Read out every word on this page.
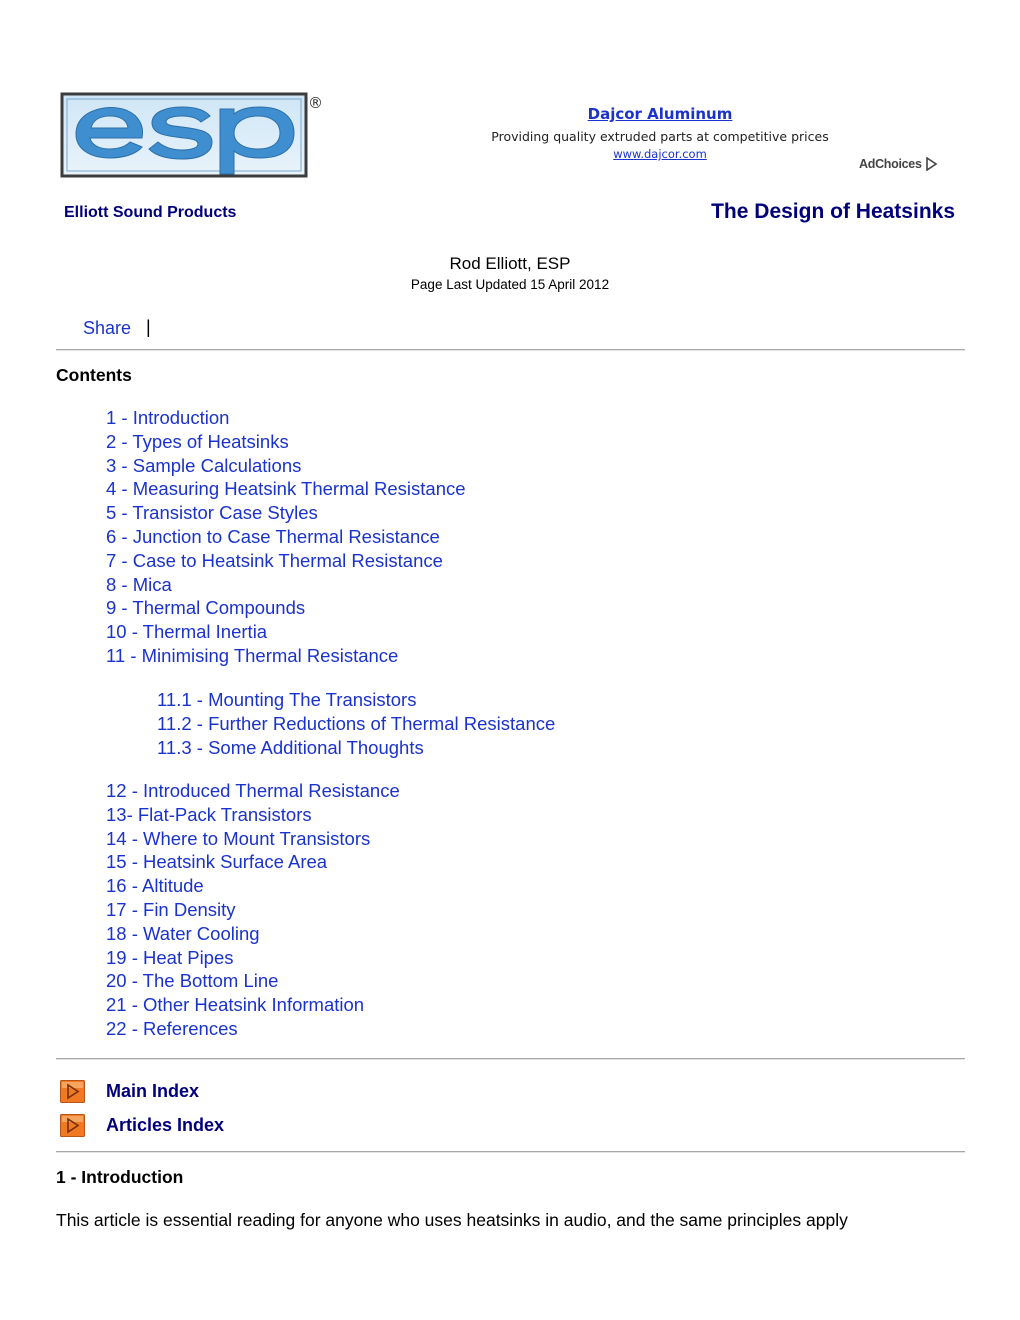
®
Dajcor Aluminum
Providing quality extruded parts at competitive prices
www.dajcor.com
AdChoices
Elliott Sound Products	The Design of Heatsinks
Rod Elliott, ESP
Page Last Updated 15 April 2012
Share |
Contents
1 - Introduction
2 - Types of Heatsinks
3 - Sample Calculations
4 - Measuring Heatsink Thermal Resistance
5 - Transistor Case Styles
6 - Junction to Case Thermal Resistance
7 - Case to Heatsink Thermal Resistance
8 - Mica
9 - Thermal Compounds
10 - Thermal Inertia
11 - Minimising Thermal Resistance
11.1 - Mounting The Transistors
11.2 - Further Reductions of Thermal Resistance
11.3 - Some Additional Thoughts
12 - Introduced Thermal Resistance
13- Flat-Pack Transistors
14 - Where to Mount Transistors
15 - Heatsink Surface Area
16 - Altitude
17 - Fin Density
18 - Water Cooling
19 - Heat Pipes
20 - The Bottom Line
21 - Other Heatsink Information
22 - References
Main Index
Articles Index
1 - Introduction
This article is essential reading for anyone who uses heatsinks in audio, and the same principles apply
